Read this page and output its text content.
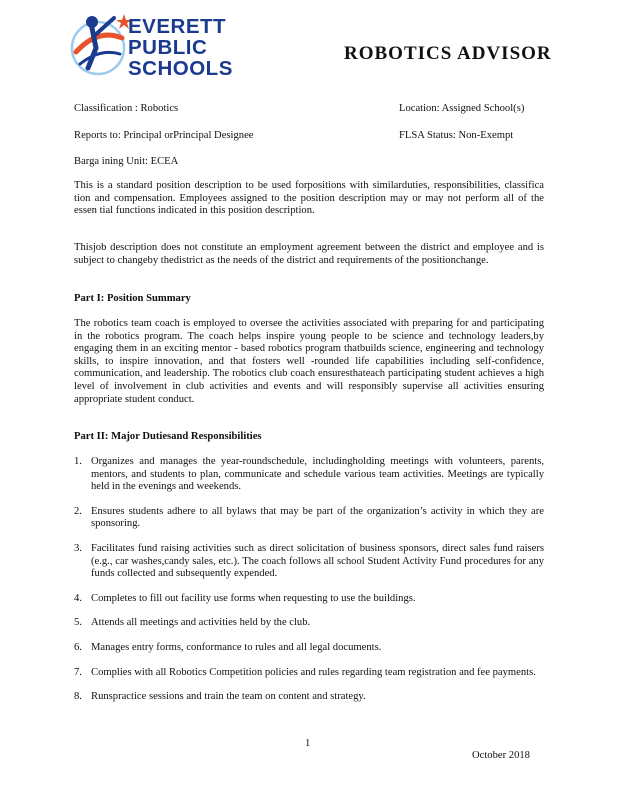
EVERETT
PUBLIC
SCHOOLS
ROBOTICS ADVISOR
Classification : Robotics	Location: Assigned School(s)
Reports to: Principal orPrincipal Designee	FLSA Status: Non-Exempt
Barga ining Unit: ECEA
This is a standard position description to be used forpositions with similarduties, responsibilities, classifica tion and compensation. Employees assigned to the position description may or may not perform all of the essen tial functions indicated in this position description.
Thisjob description does not constitute an employment agreement between the district and employee and is subject to changeby thedistrict as the needs of the district and requirements of the positionchange.
Part I: Position Summary
The robotics team coach is employed to oversee the activities associated with preparing for and participating in the robotics program. The coach helps inspire young people to be science and technology leaders,by engaging them in an exciting mentor - based robotics program thatbuilds science, engineering and technology skills, to inspire innovation, and that fosters well -rounded life capabilities including self-confidence, communication, and leadership. The robotics club coach ensuresthateach participating student achieves a high level of involvement in club activities and events and will responsibly supervise all activities ensuring appropriate student conduct.
Part II: Major Dutiesand Responsibilities
1. Organizes and manages the year-roundschedule, includingholding meetings with volunteers, parents, mentors, and students to plan, communicate and schedule various team activities. Meetings are typically held in the evenings and weekends.
2. Ensures students adhere to all bylaws that may be part of the organization’s activity in which they are sponsoring.
3. Facilitates fund raising activities such as direct solicitation of business sponsors, direct sales fund raisers (e.g., car washes,candy sales, etc.). The coach follows all school Student Activity Fund procedures for any funds collected and subsequently expended.
4. Completes to fill out facility use forms when requesting to use the buildings.
5. Attends all meetings and activities held by the club.
6. Manages entry forms, conformance to rules and all legal documents.
7. Complies with all Robotics Competition policies and rules regarding team registration and fee payments.
8. Runspractice sessions and train the team on content and strategy.
1
October 2018
